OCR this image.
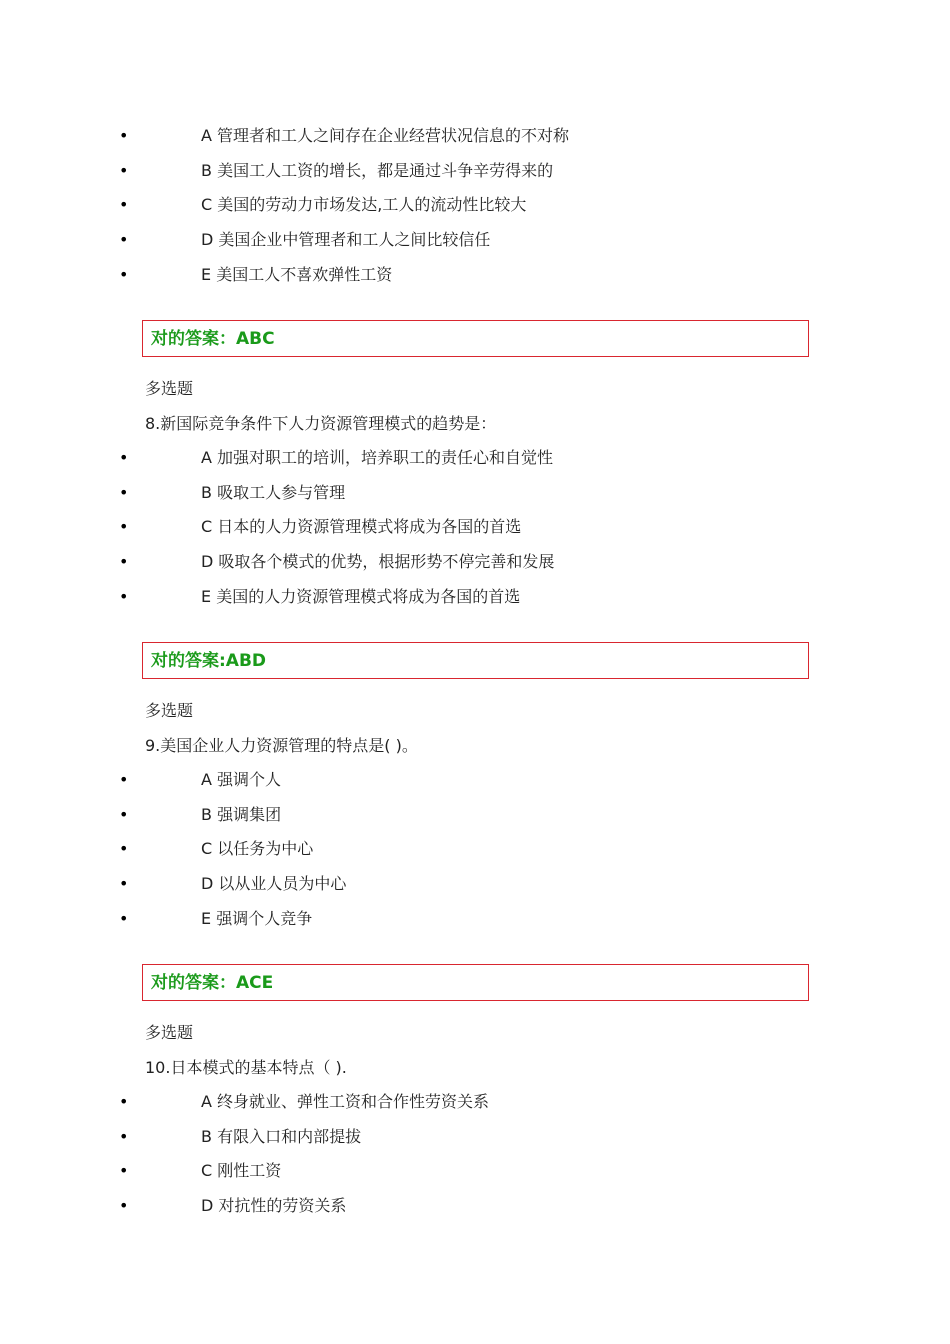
•	A 管理者和工人之间存在企业经营状况信息的不对称
•	B 美国工人工资的增长，都是通过斗争辛劳得来的
•	C 美国的劳动力市场发达,工人的流动性比较大
•	D 美国企业中管理者和工人之间比较信任
•	E 美国工人不喜欢弹性工资
对的答案：ABC
多选题
8.新国际竞争条件下人力资源管理模式的趋势是：
•	A 加强对职工的培训，培养职工的责任心和自觉性
•	B 吸取工人参与管理
•	C 日本的人力资源管理模式将成为各国的首选
•	D 吸取各个模式的优势，根据形势不停完善和发展
•	E 美国的人力资源管理模式将成为各国的首选
对的答案:ABD
多选题
9.美国企业人力资源管理的特点是( )。
•	A 强调个人
•	B 强调集团
•	C 以任务为中心
•	D 以从业人员为中心
•	E 强调个人竞争
对的答案：ACE
多选题
10.日本模式的基本特点（ ).
•	A 终身就业、弹性工资和合作性劳资关系
•	B 有限入口和内部提拔
•	C 刚性工资
•	D 对抗性的劳资关系
